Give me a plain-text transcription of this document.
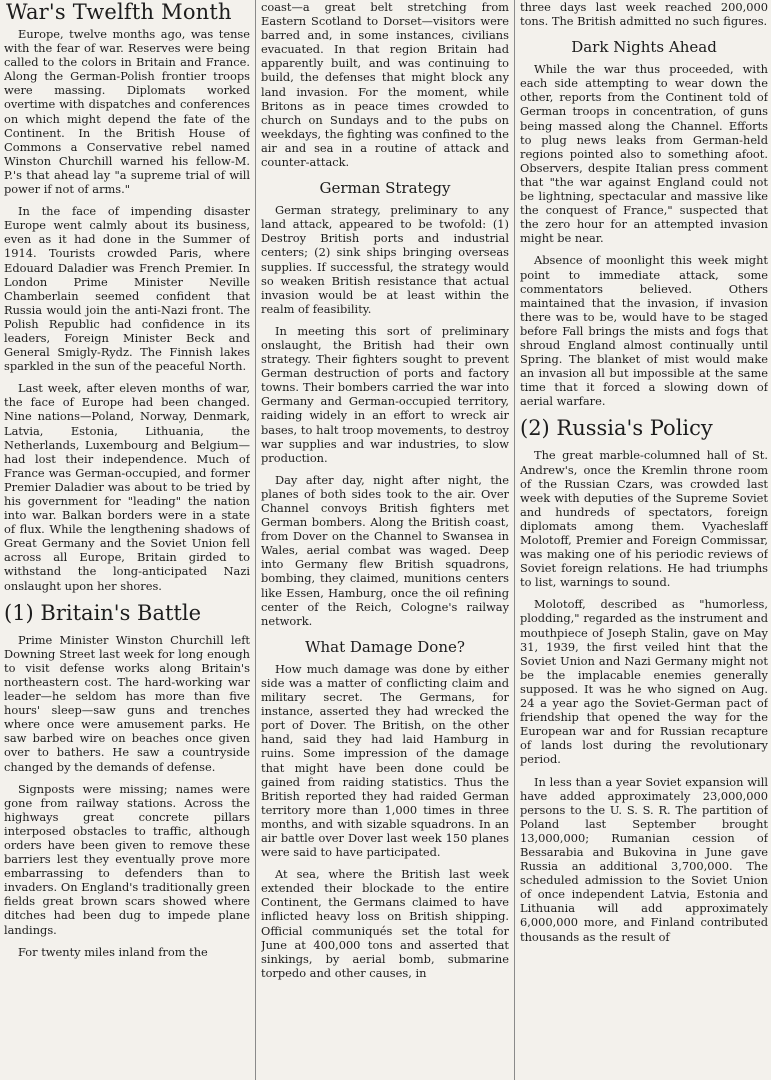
War's Twelfth Month

Europe, twelve months ago, was tense with the fear of war. Reserves were being called to the colors in Britain and France. Along the German-Polish frontier troops were massing. Diplomats worked overtime with dispatches and conferences on which might depend the fate of the Continent. In the British House of Commons a Conservative rebel named Winston Churchill warned his fellow-M. P.'s that ahead lay "a supreme trial of will power if not of arms."

In the face of impending disaster Europe went calmly about its business, even as it had done in the Summer of 1914. Tourists crowded Paris, where Edouard Daladier was French Premier. In London Prime Minister Neville Chamberlain seemed confident that Russia would join the anti-Nazi front. The Polish Republic had confidence in its leaders, Foreign Minister Beck and General Smigly-Rydz. The Finnish lakes sparkled in the sun of the peaceful North.

Last week, after eleven months of war, the face of Europe had been changed. Nine nations—Poland, Norway, Denmark, Latvia, Estonia, Lithuania, the Netherlands, Luxembourg and Belgium—had lost their independence. Much of France was German-occupied, and former Premier Daladier was about to be tried by his government for "leading" the nation into war. Balkan borders were in a state of flux. While the lengthening shadows of Great Germany and the Soviet Union fell across all Europe, Britain girded to withstand the long-anticipated Nazi onslaught upon her shores.

(1) Britain's Battle

Prime Minister Winston Churchill left Downing Street last week for long enough to visit defense works along Britain's northeastern cost. The hard-working war leader—he seldom has more than five hours' sleep—saw guns and trenches where once were amusement parks. He saw barbed wire on beaches once given over to bathers. He saw a countryside changed by the demands of defense.

Signposts were missing; names were gone from railway stations. Across the highways great concrete pillars interposed obstacles to traffic, although orders have been given to remove these barriers lest they eventually prove more embarrassing to defenders than to invaders. On England's traditionally green fields great brown scars showed where ditches had been dug to impede plane landings.

For twenty miles inland from the

coast—a great belt stretching from Eastern Scotland to Dorset—visitors were barred and, in some instances, civilians evacuated. In that region Britain had apparently built, and was continuing to build, the defenses that might block any land invasion. For the moment, while Britons as in peace times crowded to church on Sundays and to the pubs on weekdays, the fighting was confined to the air and sea in a routine of attack and counter-attack.

German Strategy

German strategy, preliminary to any land attack, appeared to be twofold: (1) Destroy British ports and industrial centers; (2) sink ships bringing overseas supplies. If successful, the strategy would so weaken British resistance that actual invasion would be at least within the realm of feasibility.

In meeting this sort of preliminary onslaught, the British had their own strategy. Their fighters sought to prevent German destruction of ports and factory towns. Their bombers carried the war into Germany and German-occupied territory, raiding widely in an effort to wreck air bases, to halt troop movements, to destroy war supplies and war industries, to slow production.

Day after day, night after night, the planes of both sides took to the air. Over Channel convoys British fighters met German bombers. Along the British coast, from Dover on the Channel to Swansea in Wales, aerial combat was waged. Deep into Germany flew British squadrons, bombing, they claimed, munitions centers like Essen, Hamburg, once the oil refining center of the Reich, Cologne's railway network.

What Damage Done?

How much damage was done by either side was a matter of conflicting claim and military secret. The Germans, for instance, asserted they had wrecked the port of Dover. The British, on the other hand, said they had laid Hamburg in ruins. Some impression of the damage that might have been done could be gained from raiding statistics. Thus the British reported they had raided German territory more than 1,000 times in three months, and with sizable squadrons. In an air battle over Dover last week 150 planes were said to have participated.

At sea, where the British last week extended their blockade to the entire Continent, the Germans claimed to have inflicted heavy loss on British shipping. Official communiqués set the total for June at 400,000 tons and asserted that sinkings, by aerial bomb, submarine torpedo and other causes, in

three days last week reached 200,000 tons. The British admitted no such figures.

Dark Nights Ahead

While the war thus proceeded, with each side attempting to wear down the other, reports from the Continent told of German troops in concentration, of guns being massed along the Channel. Efforts to plug news leaks from German-held regions pointed also to something afoot. Observers, despite Italian press comment that "the war against England could not be lightning, spectacular and massive like the conquest of France," suspected that the zero hour for an attempted invasion might be near.

Absence of moonlight this week might point to immediate attack, some commentators believed. Others maintained that the invasion, if invasion there was to be, would have to be staged before Fall brings the mists and fogs that shroud England almost continually until Spring. The blanket of mist would make an invasion all but impossible at the same time that it forced a slowing down of aerial warfare.

(2) Russia's Policy

The great marble-columned hall of St. Andrew's, once the Kremlin throne room of the Russian Czars, was crowded last week with deputies of the Supreme Soviet and hundreds of spectators, foreign diplomats among them. Vyacheslaff Molotoff, Premier and Foreign Commissar, was making one of his periodic reviews of Soviet foreign relations. He had triumphs to list, warnings to sound.

Molotoff, described as "humorless, plodding," regarded as the instrument and mouthpiece of Joseph Stalin, gave on May 31, 1939, the first veiled hint that the Soviet Union and Nazi Germany might not be the implacable enemies generally supposed. It was he who signed on Aug. 24 a year ago the Soviet-German pact of friendship that opened the way for the European war and for Russian recapture of lands lost during the revolutionary period.

In less than a year Soviet expansion will have added approximately 23,000,000 persons to the U. S. S. R. The partition of Poland last September brought 13,000,000; Rumanian cession of Bessarabia and Bukovina in June gave Russia an additional 3,700,000. The scheduled admission to the Soviet Union of once independent Latvia, Estonia and Lithuania will add approximately 6,000,000 more, and Finland contributed thousands as the result of
